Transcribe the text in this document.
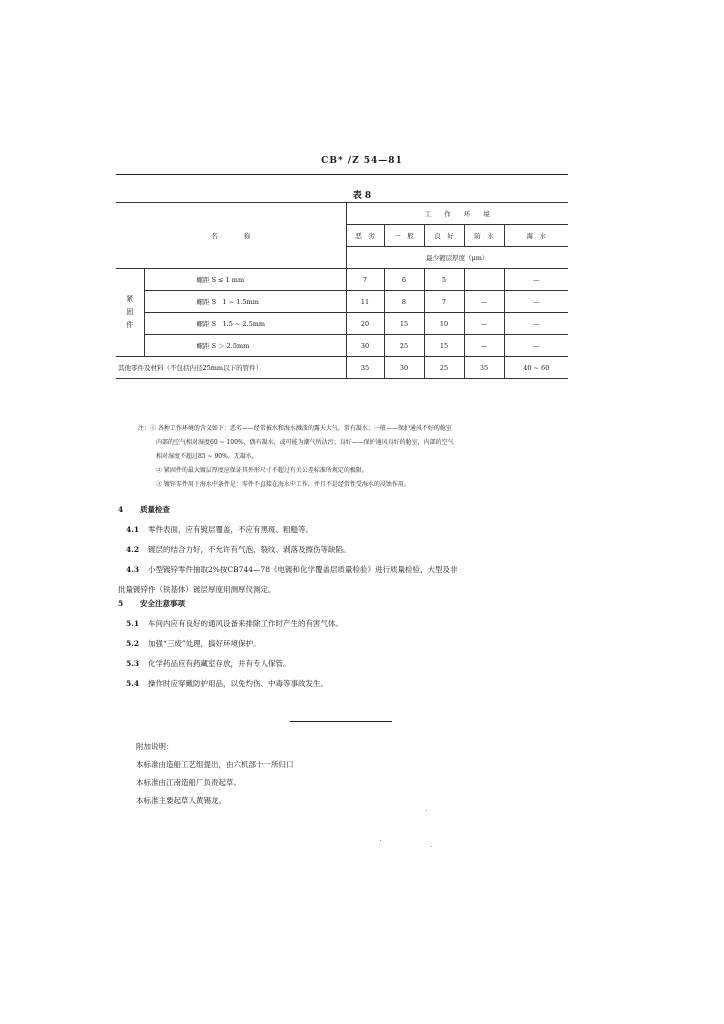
CB* /Z 54—81
表 8
名　　　　称		工　　作　　环　　境				
		恶　劣	一　般	良　好	防　水	海　水
		最少镀层厚度（μm）				
紧
固
件	螺距 S ≤ 1 mm	7	6	5		—
	螺距 S　1 ~ 1.5mm	11	8	7	—	—
	螺距 S　1.5 ~ 2.5mm	20	15	10	—	—
	螺距 S ＞ 2.5mm	30	25	15	—	—
其他零件及材料（不包括内径25mm以下的管件）		35	30	25	35	40 ~ 60
注：① 各种工作环境的含义如下：恶劣——经常被水和海水溅泼的露天大气，常有凝水；一般——保护通风不好的舱室
内部的空气相对湿度60 ~ 100%，偶有凝水，或可能为潮气所沾污；良好——保护通风良好的舱室，内部的空气
相对湿度不超过85 ~ 90%，无凝水。
② 紧固件的最大镀层厚度应保证其外形尺寸不超过有关公差标准所规定的极限。
③ 镀锌零件用于海水中条件是：零件不直接在海水中工作，并且不是经常性受海水的浸蚀作用。
4 质量检查
4.1 零件表面，应有镀层覆盖，不应有黑斑、粗糙等。
4.2 镀层的结合力好，不允许有气泡、裂纹、剥落及擦伤等缺陷。
4.3 小型镀锌零件抽取2%按CB744—78《电镀和化学覆盖层质量检验》进行质量检验，大型及非
批量镀锌件（铁基体）镀层厚度用测厚仪测定。
5 安全注意事项
5.1 车间内应有良好的通风设备来排除工作时产生的有害气体。
5.2 加强“三废”处理，搞好环境保护。
5.3 化学药品应有药藏室存放，并有专人保管。
5.4 操作时应穿戴防护用品，以免灼伤、中毒等事故发生。
附加说明：
本标准由造船工艺组提出，由六机部十一所归口
本标准由江南造船厂负责起草。
本标准主要起草人黄锡龙。
